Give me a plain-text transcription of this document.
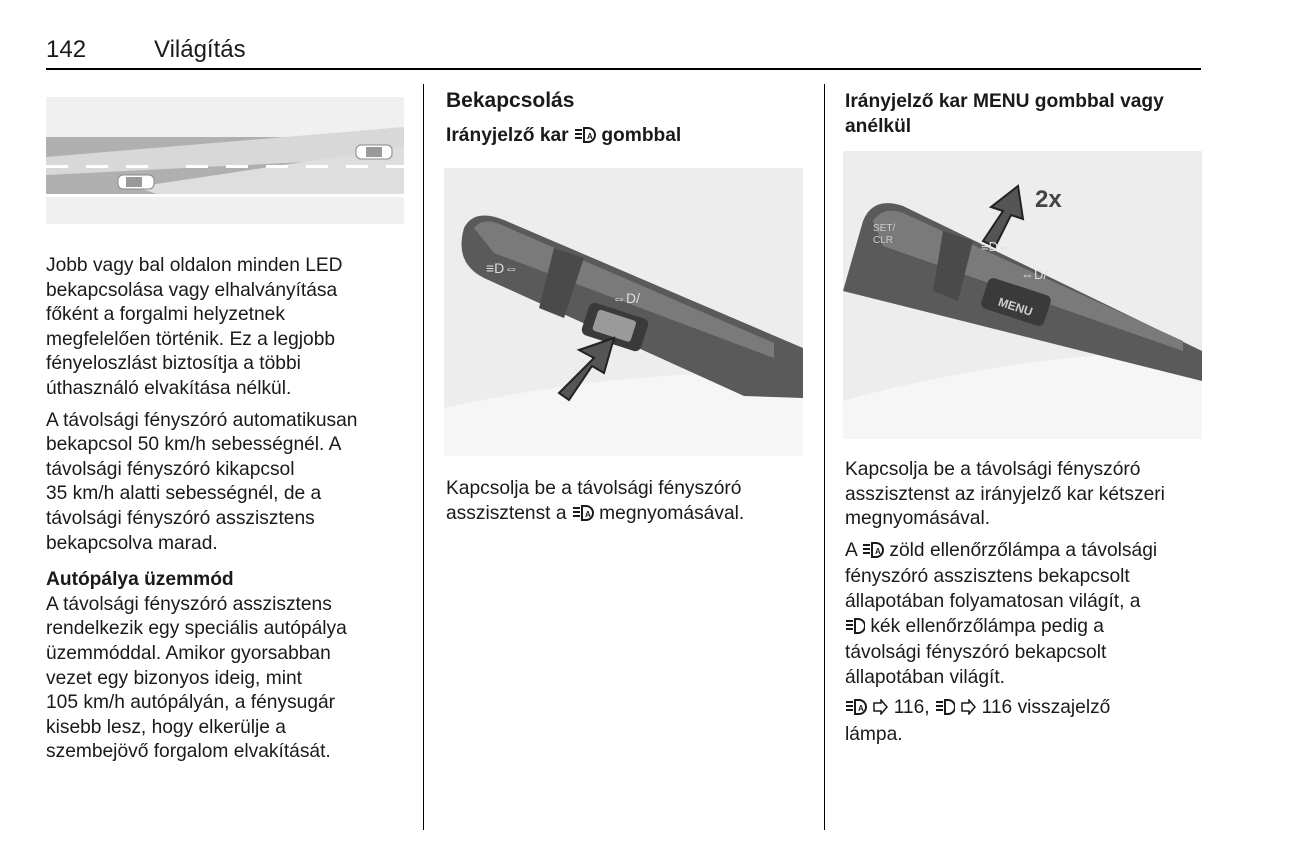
142	Világítás
Jobb vagy bal oldalon minden LED
bekapcsolása vagy elhalványítása
főként a forgalmi helyzetnek
megfelelően történik. Ez a legjobb
fényeloszlást biztosítja a többi
úthasználó elvakítása nélkül.
A távolsági fényszóró automatikusan
bekapcsol 50 km/h sebességnél. A
távolsági fényszóró kikapcsol
35 km/h alatti sebességnél, de a
távolsági fényszóró asszisztens
bekapcsolva marad.
Autópálya üzemmód
A távolsági fényszóró asszisztens
rendelkezik egy speciális autópálya
üzemmóddal. Amikor gyorsabban
vezet egy bizonyos ideig, mint
105 km/h autópályán, a fénysugár
kisebb lesz, hogy elkerülje a
szembejövő forgalom elvakítását.
Bekapcsolás
Irányjelző kar A gombbal
≡D⇔
⇔D/
Kapcsolja be a távolsági fényszóró
asszisztenst a A megnyomásával.
Irányjelző kar MENU gombbal vagy
anélkül
2x
MENU
SET/
CLR	≡D⇔
⇔D/
Kapcsolja be a távolsági fényszóró
asszisztenst az irányjelző kar kétszeri
megnyomásával.
A A zöld ellenőrzőlámpa a távolsági
fényszóró asszisztens bekapcsolt
állapotában folyamatosan világít, a
kék ellenőrzőlámpa pedig a
távolsági fényszóró bekapcsolt
állapotában világít.
A 116,	116 visszajelző
lámpa.
